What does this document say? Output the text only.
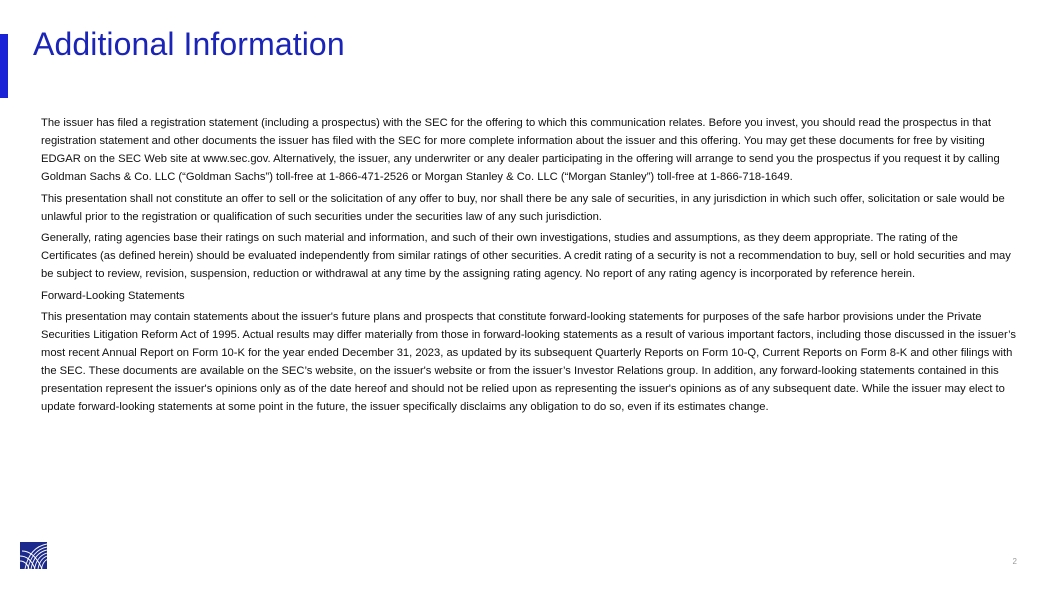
Additional Information

The issuer has filed a registration statement (including a prospectus) with the SEC for the offering to which this communication relates. Before you invest, you should read the prospectus in that registration statement and other documents the issuer has filed with the SEC for more complete information about the issuer and this offering. You may get these documents for free by visiting EDGAR on the SEC Web site at www.sec.gov. Alternatively, the issuer, any underwriter or any dealer participating in the offering will arrange to send you the prospectus if you request it by calling Goldman Sachs & Co. LLC (“Goldman Sachs”) toll-free at 1-866-471-2526 or Morgan Stanley & Co. LLC (“Morgan Stanley”) toll-free at 1-866-718-1649.

This presentation shall not constitute an offer to sell or the solicitation of any offer to buy, nor shall there be any sale of securities, in any jurisdiction in which such offer, solicitation or sale would be unlawful prior to the registration or qualification of such securities under the securities law of any such jurisdiction.

Generally, rating agencies base their ratings on such material and information, and such of their own investigations, studies and assumptions, as they deem appropriate. The rating of the Certificates (as defined herein) should be evaluated independently from similar ratings of other securities. A credit rating of a security is not a recommendation to buy, sell or hold securities and may be subject to review, revision, suspension, reduction or withdrawal at any time by the assigning rating agency. No report of any rating agency is incorporated by reference herein.

Forward-Looking Statements

This presentation may contain statements about the issuer's future plans and prospects that constitute forward-looking statements for purposes of the safe harbor provisions under the Private Securities Litigation Reform Act of 1995. Actual results may differ materially from those in forward-looking statements as a result of various important factors, including those discussed in the issuer’s most recent Annual Report on Form 10-K for the year ended December 31, 2023, as updated by its subsequent Quarterly Reports on Form 10-Q, Current Reports on Form 8-K and other filings with the SEC. These documents are available on the SEC’s website, on the issuer's website or from the issuer’s Investor Relations group. In addition, any forward-looking statements contained in this presentation represent the issuer's opinions only as of the date hereof and should not be relied upon as representing the issuer's opinions as of any subsequent date. While the issuer may elect to update forward-looking statements at some point in the future, the issuer specifically disclaims any obligation to do so, even if its estimates change.

2
